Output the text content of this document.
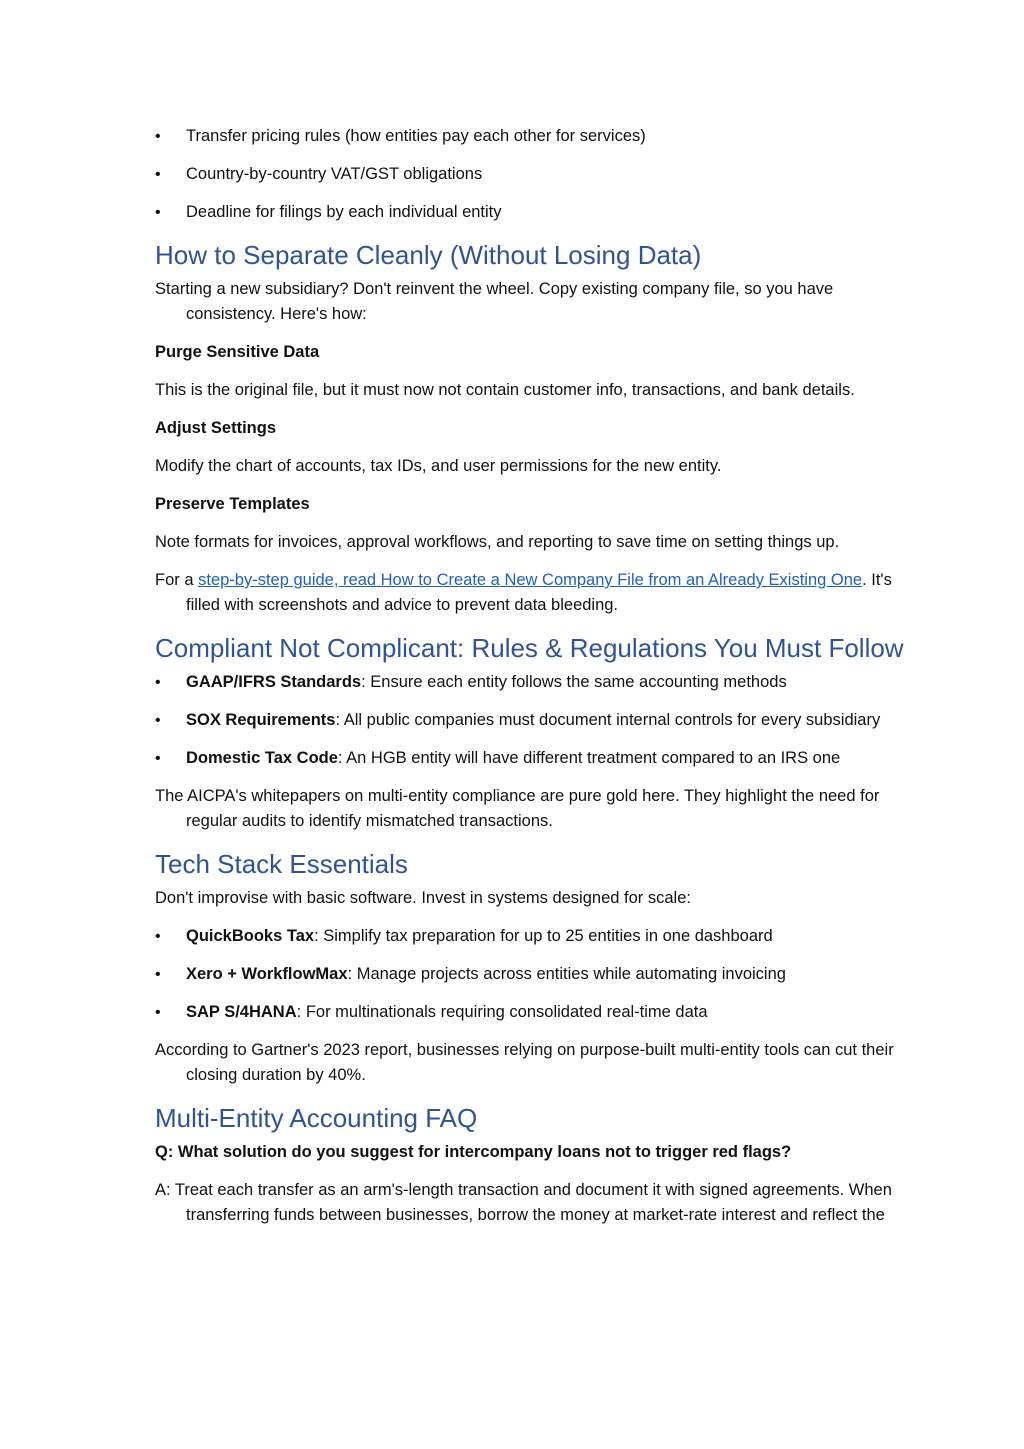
• Transfer pricing rules (how entities pay each other for services)
• Country-by-country VAT/GST obligations
• Deadline for filings by each individual entity
How to Separate Cleanly (Without Losing Data)

Starting a new subsidiary? Don't reinvent the wheel. Copy existing company file, so you have consistency. Here's how:

Purge Sensitive Data

This is the original file, but it must now not contain customer info, transactions, and bank details.

Adjust Settings

Modify the chart of accounts, tax IDs, and user permissions for the new entity.

Preserve Templates

Note formats for invoices, approval workflows, and reporting to save time on setting things up.

For a step-by-step guide, read How to Create a New Company File from an Already Existing One. It's filled with screenshots and advice to prevent data bleeding.

Compliant Not Complicant: Rules & Regulations You Must Follow
• GAAP/IFRS Standards: Ensure each entity follows the same accounting methods
• SOX Requirements: All public companies must document internal controls for every subsidiary
• Domestic Tax Code: An HGB entity will have different treatment compared to an IRS one

The AICPA's whitepapers on multi-entity compliance are pure gold here. They highlight the need for regular audits to identify mismatched transactions.

Tech Stack Essentials

Don't improvise with basic software. Invest in systems designed for scale:

• QuickBooks Tax: Simplify tax preparation for up to 25 entities in one dashboard
• Xero + WorkflowMax: Manage projects across entities while automating invoicing
• SAP S/4HANA: For multinationals requiring consolidated real-time data

According to Gartner's 2023 report, businesses relying on purpose-built multi-entity tools can cut their closing duration by 40%.

Multi-Entity Accounting FAQ

Q: What solution do you suggest for intercompany loans not to trigger red flags?

A: Treat each transfer as an arm's-length transaction and document it with signed agreements. When transferring funds between businesses, borrow the money at market-rate interest and reflect the
